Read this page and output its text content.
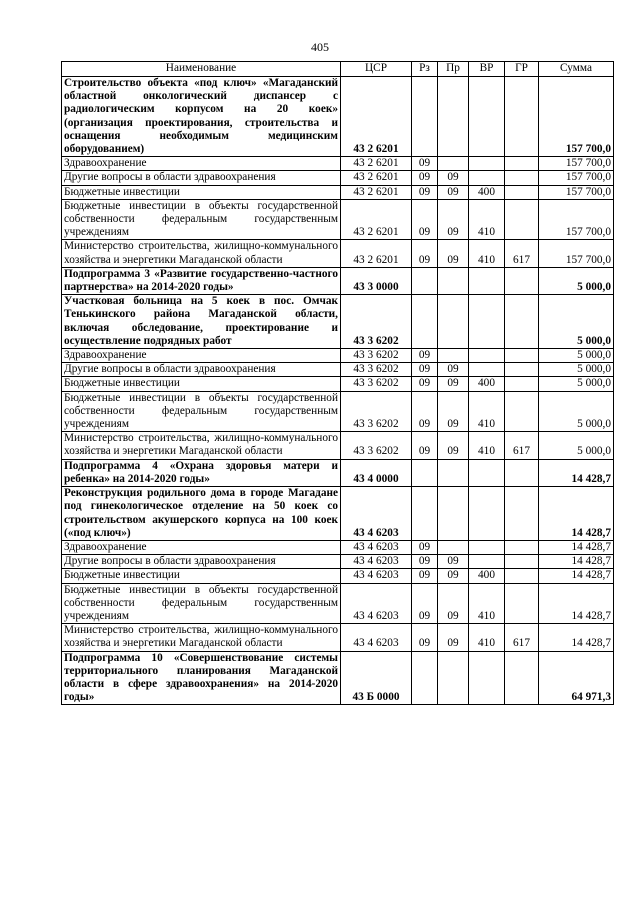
405
Наименование	ЦСР	Рз	Пр	ВР	ГР	Сумма
Строительство объекта «под ключ» «Магаданский областной онкологический диспансер с радиологическим корпусом на 20 коек» (организация проектирования, строительства и оснащения необходимым медицинским оборудованием)	43 2 6201					157 700,0
Здравоохранение	43 2 6201	09				157 700,0
Другие вопросы в области здравоохранения	43 2 6201	09	09			157 700,0
Бюджетные инвестиции	43 2 6201	09	09	400		157 700,0
Бюджетные инвестиции в объекты государственной собственности федеральным государственным учреждениям	43 2 6201	09	09	410		157 700,0
Министерство строительства, жилищно-коммунального хозяйства и энергетики Магаданской области	43 2 6201	09	09	410	617	157 700,0
Подпрограмма 3 «Развитие государственно-частного партнерства» на 2014-2020 годы»	43 3 0000					5 000,0
Участковая больница на 5 коек в пос. Омчак Тенькинского района Магаданской области, включая обследование, проектирование и осуществление подрядных работ	43 3 6202					5 000,0
Здравоохранение	43 3 6202	09				5 000,0
Другие вопросы в области здравоохранения	43 3 6202	09	09			5 000,0
Бюджетные инвестиции	43 3 6202	09	09	400		5 000,0
Бюджетные инвестиции в объекты государственной собственности федеральным государственным учреждениям	43 3 6202	09	09	410		5 000,0
Министерство строительства, жилищно-коммунального хозяйства и энергетики Магаданской области	43 3 6202	09	09	410	617	5 000,0
Подпрограмма 4 «Охрана здоровья матери и ребенка» на 2014-2020 годы»	43 4 0000					14 428,7
Реконструкция родильного дома в городе Магадане под гинекологическое отделение на 50 коек со строительством акушерского корпуса на 100 коек («под ключ»)	43 4 6203					14 428,7
Здравоохранение	43 4 6203	09				14 428,7
Другие вопросы в области здравоохранения	43 4 6203	09	09			14 428,7
Бюджетные инвестиции	43 4 6203	09	09	400		14 428,7
Бюджетные инвестиции в объекты государственной собственности федеральным государственным учреждениям	43 4 6203	09	09	410		14 428,7
Министерство строительства, жилищно-коммунального хозяйства и энергетики Магаданской области	43 4 6203	09	09	410	617	14 428,7
Подпрограмма 10 «Совершенствование системы территориального планирования Магаданской области в сфере здравоохранения» на 2014-2020 годы»	43 Б 0000					64 971,3
